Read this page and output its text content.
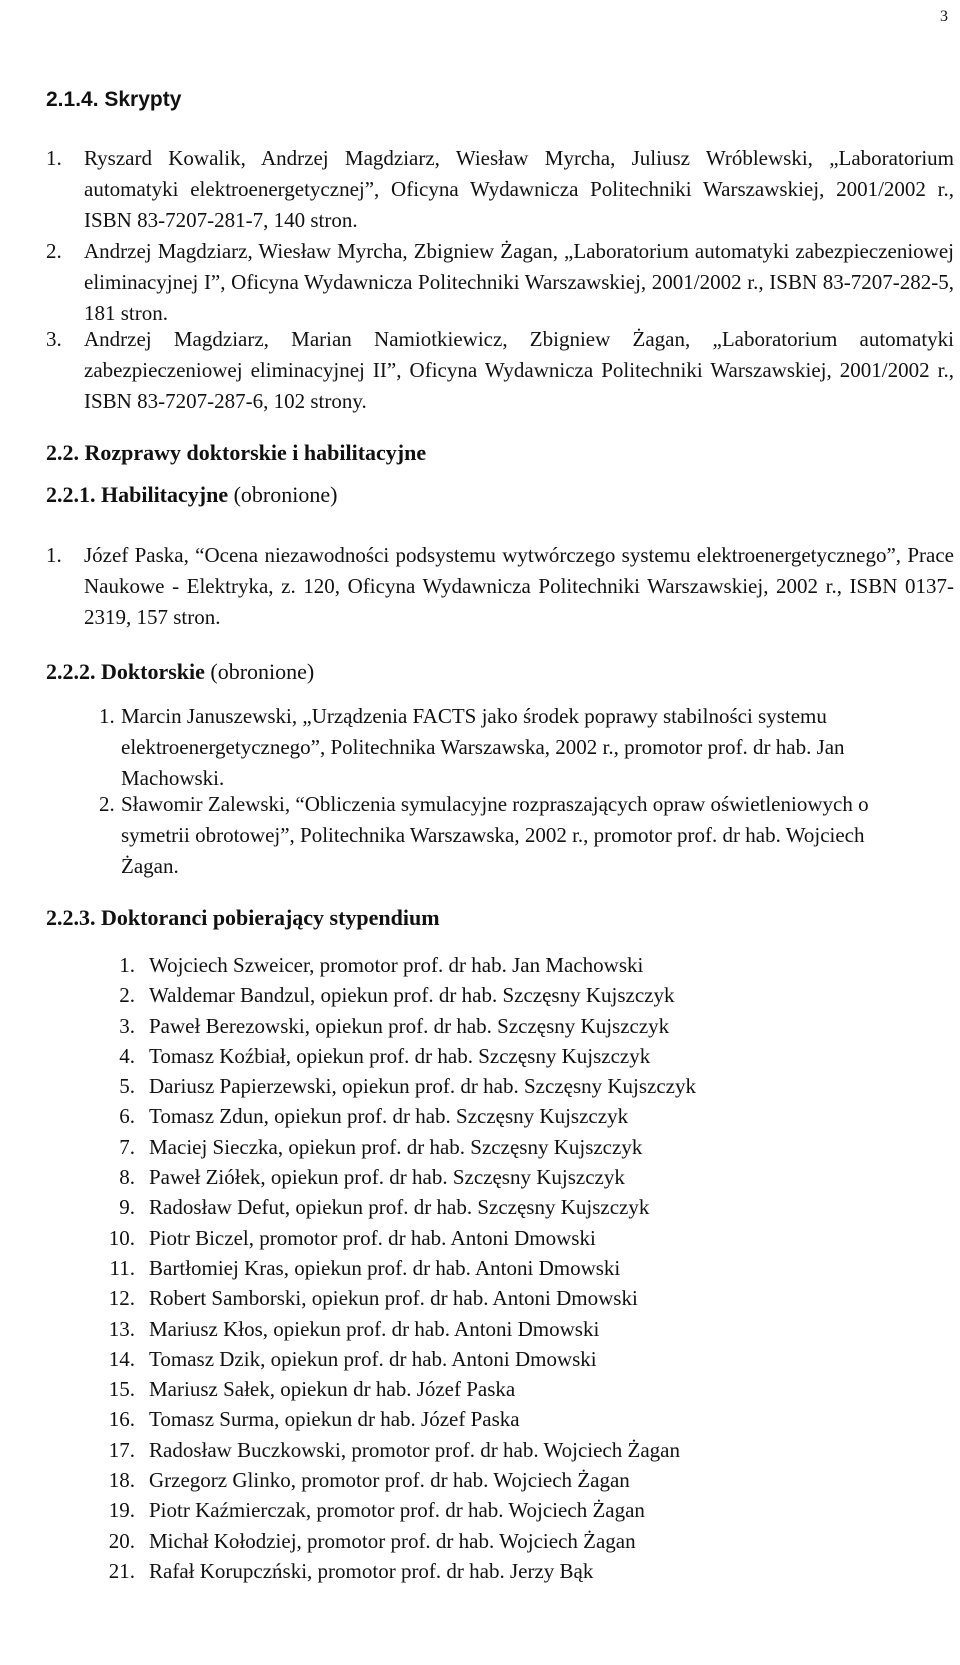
3
2.1.4. Skrypty
1. Ryszard Kowalik, Andrzej Magdziarz, Wiesław Myrcha, Juliusz Wróblewski, „Laboratorium automatyki elektroenergetycznej”, Oficyna Wydawnicza Politechniki Warszawskiej, 2001/2002 r., ISBN 83-7207-281-7, 140 stron.
2. Andrzej Magdziarz, Wiesław Myrcha, Zbigniew Żagan, „Laboratorium automatyki zabezpieczeniowej eliminacyjnej I”, Oficyna Wydawnicza Politechniki Warszawskiej, 2001/2002 r., ISBN 83-7207-282-5, 181 stron.
3. Andrzej Magdziarz, Marian Namiotkiewicz, Zbigniew Żagan, „Laboratorium automatyki zabezpieczeniowej eliminacyjnej II”, Oficyna Wydawnicza Politechniki Warszawskiej, 2001/2002 r., ISBN 83-7207-287-6, 102 strony.
2.2. Rozprawy doktorskie i habilitacyjne
2.2.1. Habilitacyjne (obronione)
1. Józef Paska, “Ocena niezawodności podsystemu wytwórczego systemu elektroenergetycznego”, Prace Naukowe - Elektryka, z. 120, Oficyna Wydawnicza Politechniki Warszawskiej, 2002 r., ISBN 0137-2319, 157 stron.
2.2.2. Doktorskie (obronione)
1. Marcin Januszewski, „Urządzenia FACTS jako środek poprawy stabilności systemu elektroenergetycznego”, Politechnika Warszawska, 2002 r., promotor prof. dr hab. Jan Machowski.
2. Sławomir Zalewski, “Obliczenia symulacyjne rozpraszających opraw oświetleniowych o symetrii obrotowej”, Politechnika Warszawska, 2002 r., promotor prof. dr hab. Wojciech Żagan.
2.2.3. Doktoranci pobierający stypendium
1. Wojciech Szweicer, promotor prof. dr hab. Jan Machowski
2. Waldemar Bandzul, opiekun prof. dr hab. Szczęsny Kujszczyk
3. Paweł Berezowski, opiekun prof. dr hab. Szczęsny Kujszczyk
4. Tomasz Koźbiał, opiekun prof. dr hab. Szczęsny Kujszczyk
5. Dariusz Papierzewski, opiekun prof. dr hab. Szczęsny Kujszczyk
6. Tomasz Zdun, opiekun prof. dr hab. Szczęsny Kujszczyk
7. Maciej Sieczka, opiekun prof. dr hab. Szczęsny Kujszczyk
8. Paweł Ziółek, opiekun prof. dr hab. Szczęsny Kujszczyk
9. Radosław Defut, opiekun prof. dr hab. Szczęsny Kujszczyk
10. Piotr Biczel, promotor prof. dr hab. Antoni Dmowski
11. Bartłomiej Kras, opiekun prof. dr hab. Antoni Dmowski
12. Robert Samborski, opiekun prof. dr hab. Antoni Dmowski
13. Mariusz Kłos, opiekun prof. dr hab. Antoni Dmowski
14. Tomasz Dzik, opiekun prof. dr hab. Antoni Dmowski
15. Mariusz Sałek, opiekun dr hab. Józef Paska
16. Tomasz Surma, opiekun dr hab. Józef Paska
17. Radosław Buczkowski, promotor prof. dr hab. Wojciech Żagan
18. Grzegorz Glinko, promotor prof. dr hab. Wojciech Żagan
19. Piotr Kaźmierczak, promotor prof. dr hab. Wojciech Żagan
20. Michał Kołodziej, promotor prof. dr hab. Wojciech Żagan
21. Rafał Korupczński, promotor prof. dr hab. Jerzy Bąk
